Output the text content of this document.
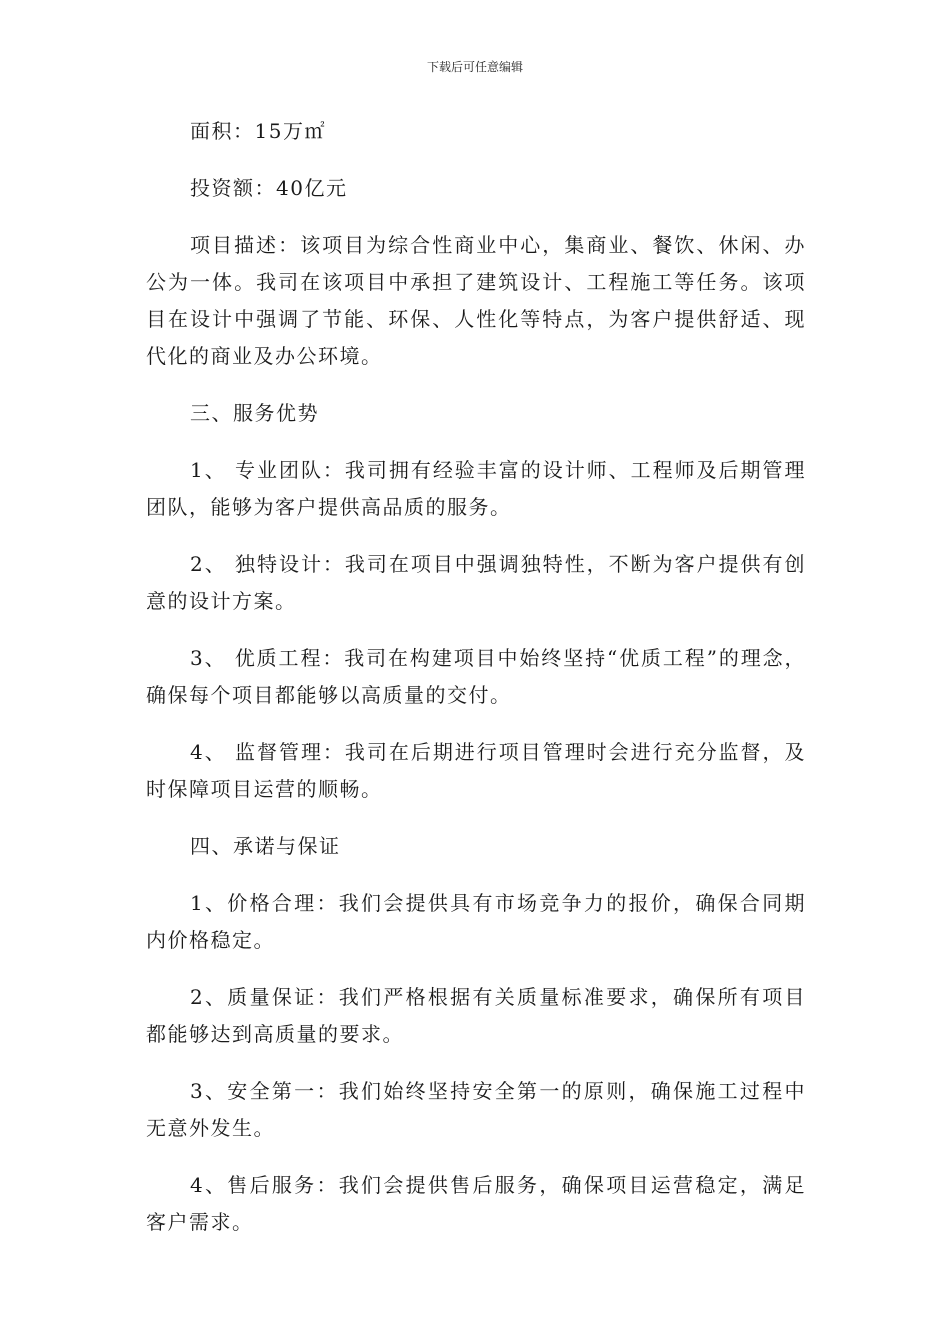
下载后可任意编辑

面积：15万㎡

投资额：40亿元

项目描述：该项目为综合性商业中心，集商业、餐饮、休闲、办公为一体。我司在该项目中承担了建筑设计、工程施工等任务。该项目在设计中强调了节能、环保、人性化等特点，为客户提供舒适、现代化的商业及办公环境。

三、服务优势

1、 专业团队：我司拥有经验丰富的设计师、工程师及后期管理团队，能够为客户提供高品质的服务。

2、 独特设计：我司在项目中强调独特性，不断为客户提供有创意的设计方案。

3、 优质工程：我司在构建项目中始终坚持“优质工程”的理念，确保每个项目都能够以高质量的交付。

4、 监督管理：我司在后期进行项目管理时会进行充分监督，及时保障项目运营的顺畅。

四、承诺与保证

1、价格合理：我们会提供具有市场竞争力的报价，确保合同期内价格稳定。

2、质量保证：我们严格根据有关质量标准要求，确保所有项目都能够达到高质量的要求。

3、安全第一：我们始终坚持安全第一的原则，确保施工过程中无意外发生。

4、售后服务：我们会提供售后服务，确保项目运营稳定，满足客户需求。
